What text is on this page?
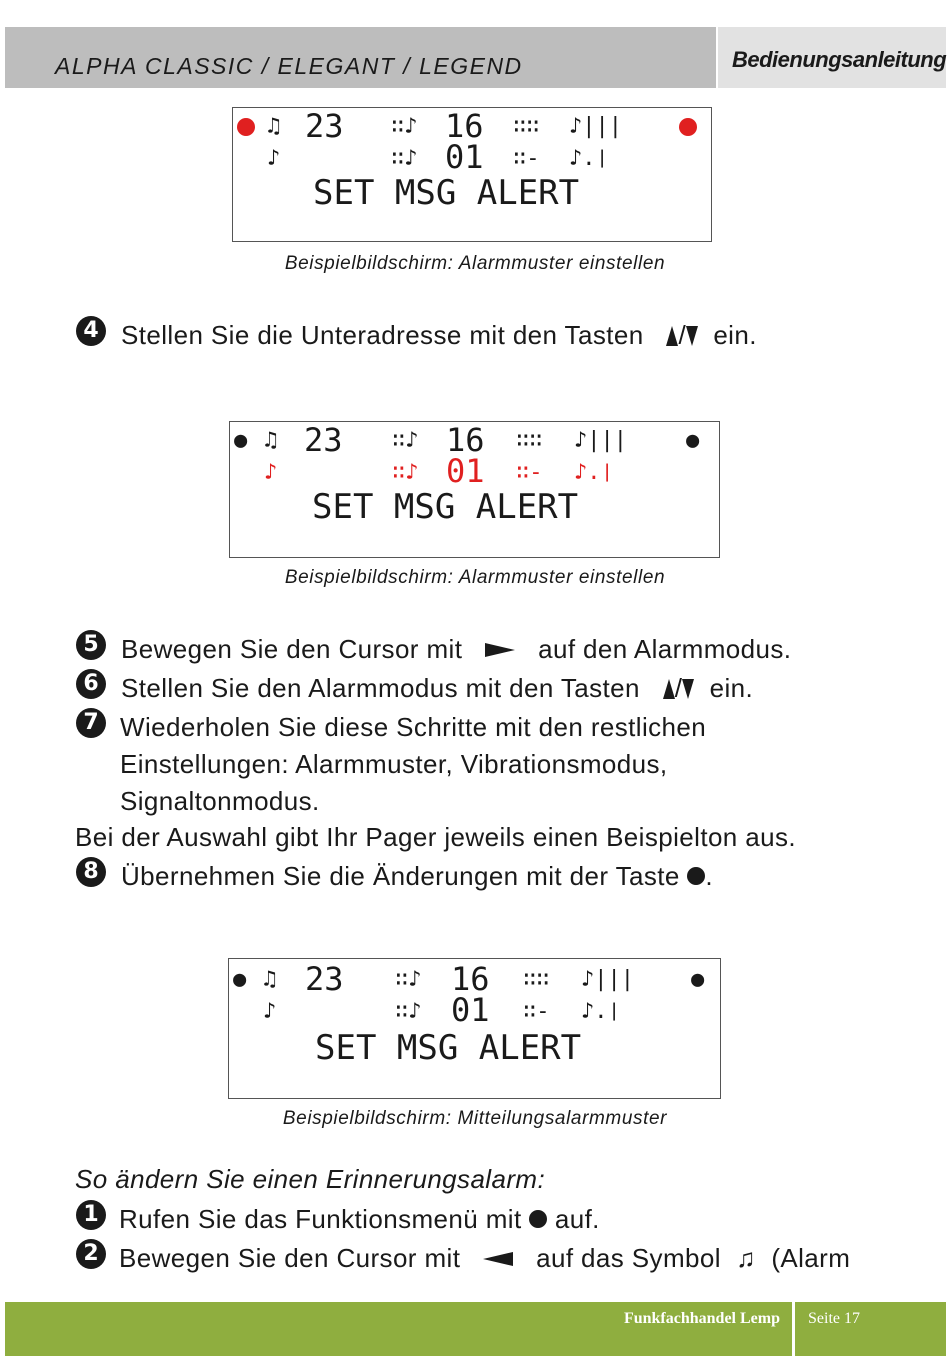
ALPHA CLASSIC / ELEGANT / LEGEND	Bedienungsanleitung
♫ 23 ∷♪ 16 ∷∷ ♪|||
♪	∷♪ 01 ∷- ♪.❘
SET MSG ALERT
Beispielbildschirm: Alarmmuster einstellen
4 Stellen Sie die Unteradresse mit den Tasten / ein.
● ♫ 23 ∷♪ 16 ∷∷ ♪|||	●
♪	∷♪ 01 ∷- ♪.❘
SET MSG ALERT
Beispielbildschirm: Alarmmuster einstellen
5 Bewegen Sie den Cursor mit	auf den Alarmmodus.
6 Stellen Sie den Alarmmodus mit den Tasten / ein.
7 Wiederholen Sie diese Schritte mit den restlichen
Einstellungen: Alarmmuster, Vibrationsmodus,
Signaltonmodus.
Bei der Auswahl gibt Ihr Pager jeweils einen Beispielton aus.
8 Übernehmen Sie die Änderungen mit der Taste .
● ♫ 23 ∷♪ 16 ∷∷ ♪|||	●
♪	∷♪ 01 ∷- ♪.❘
SET MSG ALERT
Beispielbildschirm: Mitteilungsalarmmuster
So ändern Sie einen Erinnerungsalarm:
1 Rufen Sie das Funktionsmenü mit auf.
2 Bewegen Sie den Cursor mit	auf das Symbol ♫ (Alarm
Funkfachhandel Lemp Seite 17
